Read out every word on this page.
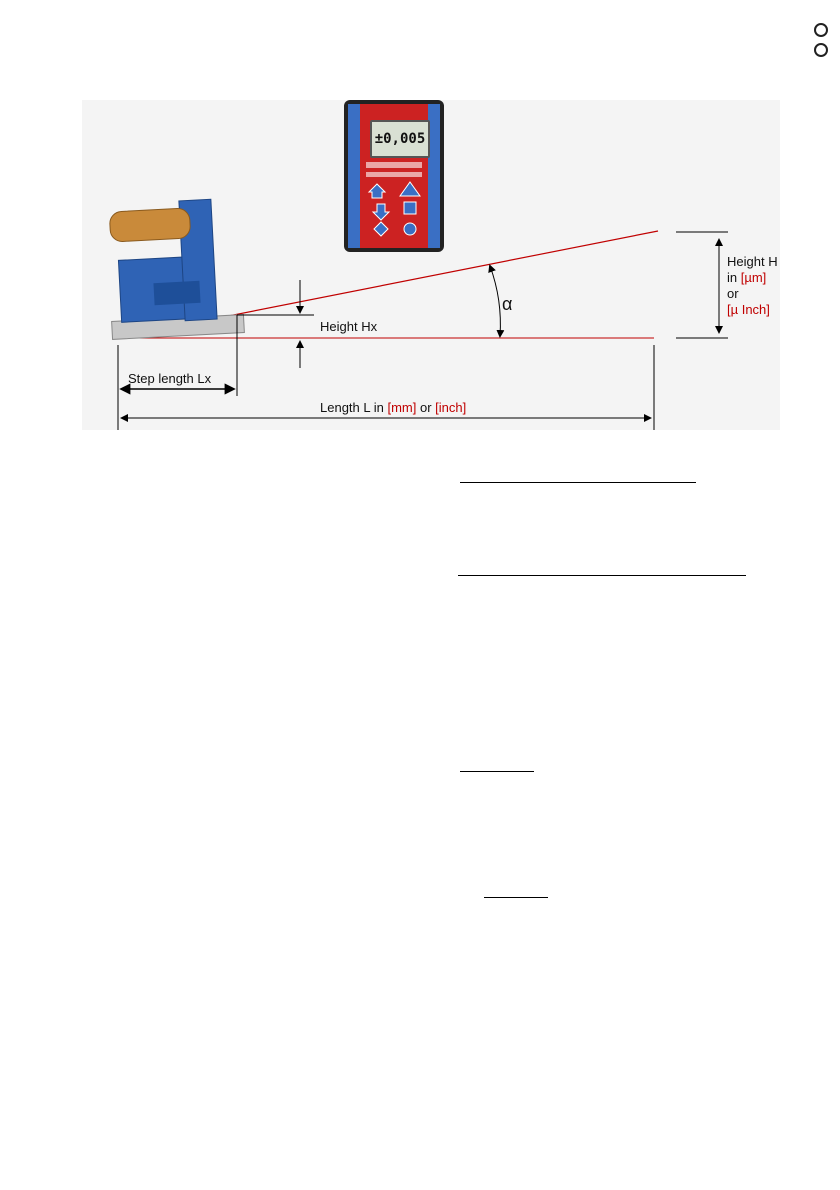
±0,005
Height Hx
Step length Lx
α
Length L in [mm] or [inch]
Height H
in [µm]
or
[µ Inch]
